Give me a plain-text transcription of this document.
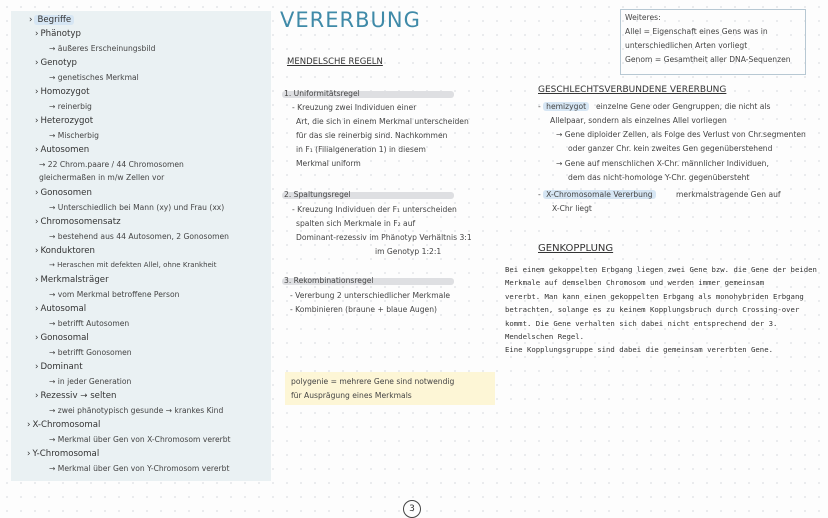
› Begriffe
› Phänotyp
→ äußeres Erscheinungsbild
› Genotyp
→ genetisches Merkmal
› Homozygot
→ reinerbig
› Heterozygot
→ Mischerbig
› Autosomen
→ 22 Chrom.paare / 44 Chromosomen
gleichermaßen in m/w Zellen vor
› Gonosomen
→ Unterschiedlich bei Mann (xy) und Frau (xx)
› Chromosomensatz
→ bestehend aus 44 Autosomen, 2 Gonosomen
› Konduktoren
→ Heraschen mit defekten Allel, ohne Krankheit
› Merkmalsträger
→ vom Merkmal betroffene Person
› Autosomal
→ betrifft Autosomen
› Gonosomal
→ betrifft Gonosomen
› Dominant
→ in jeder Generation
› Rezessiv → selten
→ zwei phänotypisch gesunde → krankes Kind
› X-Chromosomal
→ Merkmal über Gen von X-Chromosom vererbt
› Y-Chromosomal
→ Merkmal über Gen von Y-Chromosom vererbt
VERERBUNG
MENDELSCHE REGELN
1. Uniformitätsregel
- Kreuzung zwei Individuen einer
Art, die sich in einem Merkmal unterscheiden
für das sie reinerbig sind. Nachkommen
in F₁ (Filialgeneration 1) in diesem
Merkmal uniform
2. Spaltungsregel
- Kreuzung Individuen der F₁ unterscheiden
spalten sich Merkmale in F₂ auf
Dominant-rezessiv im Phänotyp Verhältnis 3:1
im Genotyp 1:2:1
3. Rekombinationsregel
- Vererbung 2 unterschiedlicher Merkmale
- Kombinieren (braune + blaue Augen)
polygenie = mehrere Gene sind notwendig
für Ausprägung eines Merkmals
Weiteres:
Allel = Eigenschaft eines Gens was in
unterschiedlichen Arten vorliegt
Genom = Gesamtheit aller DNA-Sequenzen
GESCHLECHTSVERBUNDENE VERERBUNG
- hemizygot	einzelne Gene oder Gengruppen, die nicht als
Allelpaar, sondern als einzelnes Allel vorliegen
→ Gene diploider Zellen, als Folge des Verlust von Chr.segmenten
oder ganzer Chr. kein zweites Gen gegenüberstehend
→ Gene auf menschlichen X-Chr. männlicher Individuen,
dem das nicht-homologe Y-Chr. gegenübersteht
- X-Chromosomale Vererbung	merkmalstragende Gen auf
X-Chr liegt
GENKOPPLUNG
Bei einem gekoppelten Erbgang liegen zwei Gene bzw. die Gene der beiden
Merkmale auf demselben Chromosom und werden immer gemeinsam
vererbt. Man kann einen gekoppelten Erbgang als monohybriden Erbgang
betrachten, solange es zu keinem Kopplungsbruch durch Crossing-over
kommt. Die Gene verhalten sich dabei nicht entsprechend der 3.
Mendelschen Regel.
Eine Kopplungsgruppe sind dabei die gemeinsam vererbten Gene.
3
